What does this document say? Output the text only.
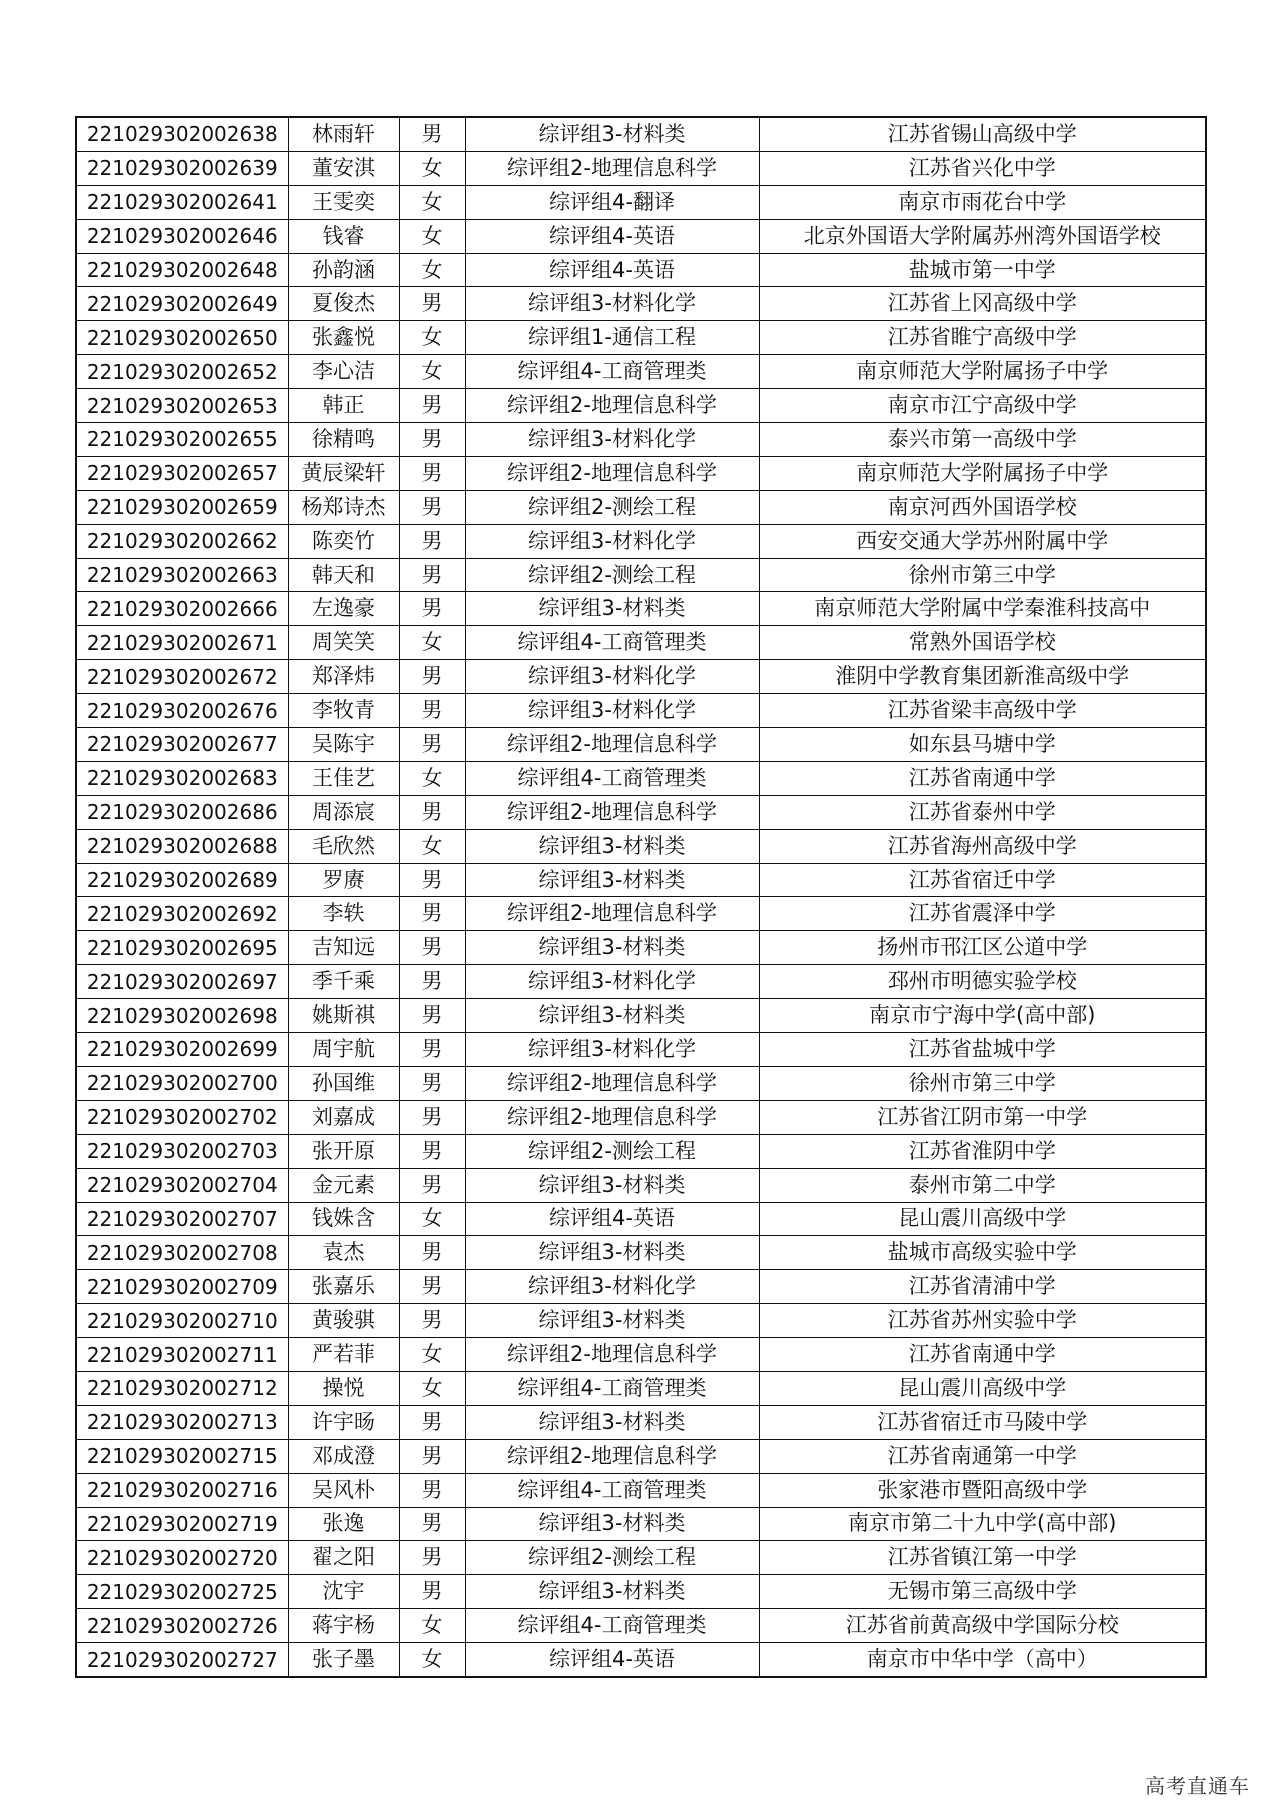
221029302002638	林雨轩	男	综评组3-材料类	江苏省锡山高级中学
221029302002639	董安淇	女	综评组2-地理信息科学	江苏省兴化中学
221029302002641	王雯奕	女	综评组4-翻译	南京市雨花台中学
221029302002646	钱睿	女	综评组4-英语	北京外国语大学附属苏州湾外国语学校
221029302002648	孙韵涵	女	综评组4-英语	盐城市第一中学
221029302002649	夏俊杰	男	综评组3-材料化学	江苏省上冈高级中学
221029302002650	张鑫悦	女	综评组1-通信工程	江苏省睢宁高级中学
221029302002652	李心洁	女	综评组4-工商管理类	南京师范大学附属扬子中学
221029302002653	韩正	男	综评组2-地理信息科学	南京市江宁高级中学
221029302002655	徐精鸣	男	综评组3-材料化学	泰兴市第一高级中学
221029302002657	黄辰梁轩	男	综评组2-地理信息科学	南京师范大学附属扬子中学
221029302002659	杨郑诗杰	男	综评组2-测绘工程	南京河西外国语学校
221029302002662	陈奕竹	男	综评组3-材料化学	西安交通大学苏州附属中学
221029302002663	韩天和	男	综评组2-测绘工程	徐州市第三中学
221029302002666	左逸豪	男	综评组3-材料类	南京师范大学附属中学秦淮科技高中
221029302002671	周笑笑	女	综评组4-工商管理类	常熟外国语学校
221029302002672	郑泽炜	男	综评组3-材料化学	淮阴中学教育集团新淮高级中学
221029302002676	李牧青	男	综评组3-材料化学	江苏省梁丰高级中学
221029302002677	吴陈宇	男	综评组2-地理信息科学	如东县马塘中学
221029302002683	王佳艺	女	综评组4-工商管理类	江苏省南通中学
221029302002686	周添宸	男	综评组2-地理信息科学	江苏省泰州中学
221029302002688	毛欣然	女	综评组3-材料类	江苏省海州高级中学
221029302002689	罗赓	男	综评组3-材料类	江苏省宿迁中学
221029302002692	李轶	男	综评组2-地理信息科学	江苏省震泽中学
221029302002695	吉知远	男	综评组3-材料类	扬州市邗江区公道中学
221029302002697	季千乘	男	综评组3-材料化学	邳州市明德实验学校
221029302002698	姚斯祺	男	综评组3-材料类	南京市宁海中学(高中部)
221029302002699	周宇航	男	综评组3-材料化学	江苏省盐城中学
221029302002700	孙国维	男	综评组2-地理信息科学	徐州市第三中学
221029302002702	刘嘉成	男	综评组2-地理信息科学	江苏省江阴市第一中学
221029302002703	张开原	男	综评组2-测绘工程	江苏省淮阴中学
221029302002704	金元素	男	综评组3-材料类	泰州市第二中学
221029302002707	钱姝含	女	综评组4-英语	昆山震川高级中学
221029302002708	袁杰	男	综评组3-材料类	盐城市高级实验中学
221029302002709	张嘉乐	男	综评组3-材料化学	江苏省清浦中学
221029302002710	黄骏骐	男	综评组3-材料类	江苏省苏州实验中学
221029302002711	严若菲	女	综评组2-地理信息科学	江苏省南通中学
221029302002712	操悦	女	综评组4-工商管理类	昆山震川高级中学
221029302002713	许宇旸	男	综评组3-材料类	江苏省宿迁市马陵中学
221029302002715	邓成澄	男	综评组2-地理信息科学	江苏省南通第一中学
221029302002716	吴风朴	男	综评组4-工商管理类	张家港市暨阳高级中学
221029302002719	张逸	男	综评组3-材料类	南京市第二十九中学(高中部)
221029302002720	翟之阳	男	综评组2-测绘工程	江苏省镇江第一中学
221029302002725	沈宇	男	综评组3-材料类	无锡市第三高级中学
221029302002726	蒋宇杨	女	综评组4-工商管理类	江苏省前黄高级中学国际分校
221029302002727	张子墨	女	综评组4-英语	南京市中华中学（高中）
高考直通车
